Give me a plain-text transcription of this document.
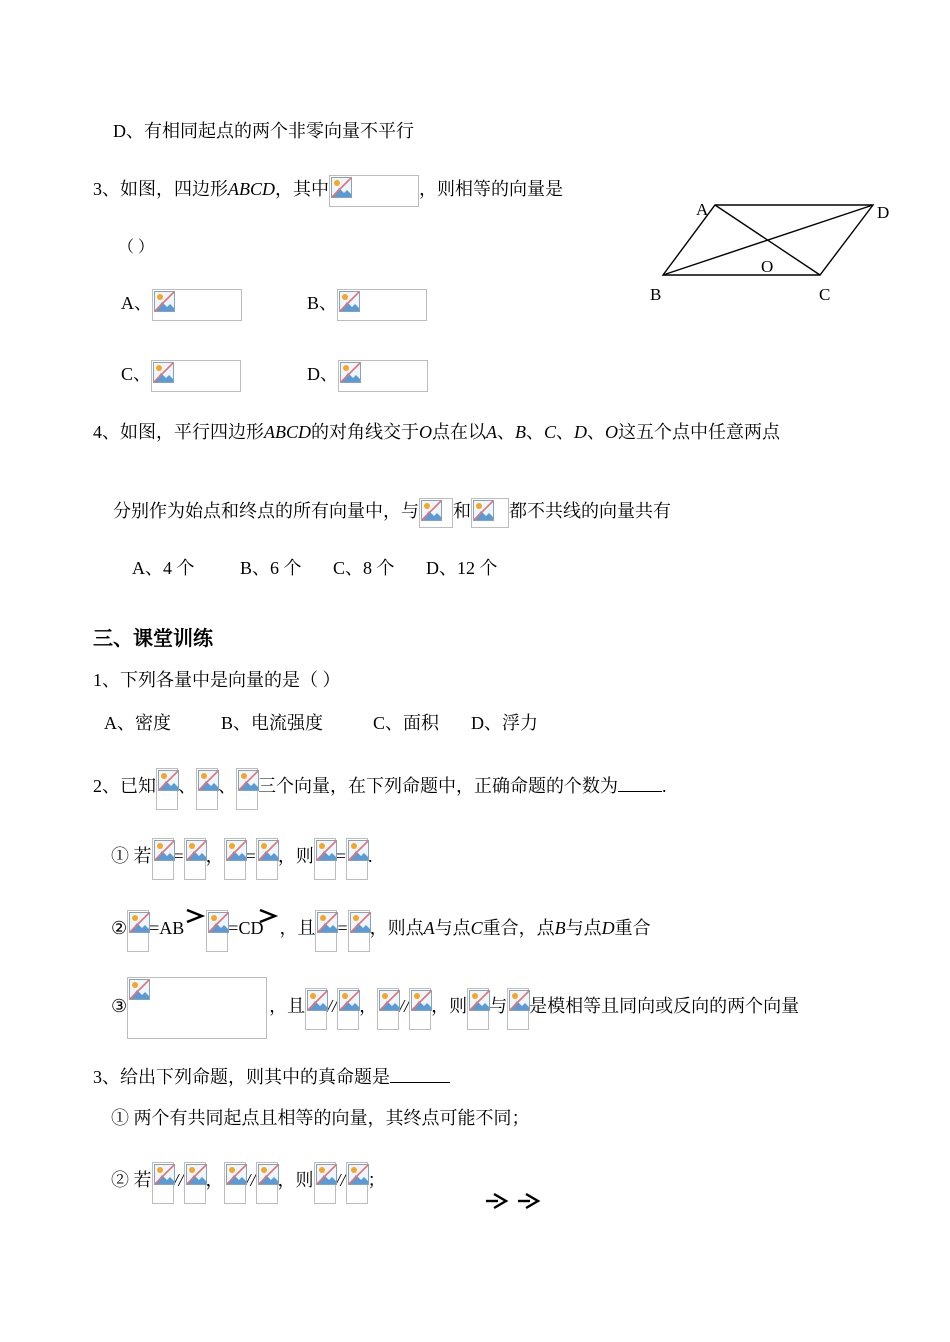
D、有相同起点的两个非零向量不平行
3、如图，四边形ABCD，其中	，则相等的向量是
（ ）
A、	B、
C、	D、
A	D
O
B	C
4、如图，平行四边形ABCD的对角线交于O点在以A、B、C、D、O这五个点中任意两点
分别作为始点和终点的所有向量中，与 和 都不共线的向量共有
A、4 个	B、6 个 C、8 个 D、12 个
三、课堂训练
1、下列各量中是向量的是（ ）
A、密度	B、电流强度	C、面积 D、浮力
2、已知 、 、 三个向量，在下列命题中，正确命题的个数为 .
① 若 = ， = ，则 = .
② =AB =CD ，且 = ，则点A与点C重合，点B与点D重合
③	，且 // ， // ，则 与 是模相等且同向或反向的两个向量
3、给出下列命题，则其中的真命题是
① 两个有共同起点且相等的向量，其终点可能不同；
② 若 // ， // ，则 // ；
